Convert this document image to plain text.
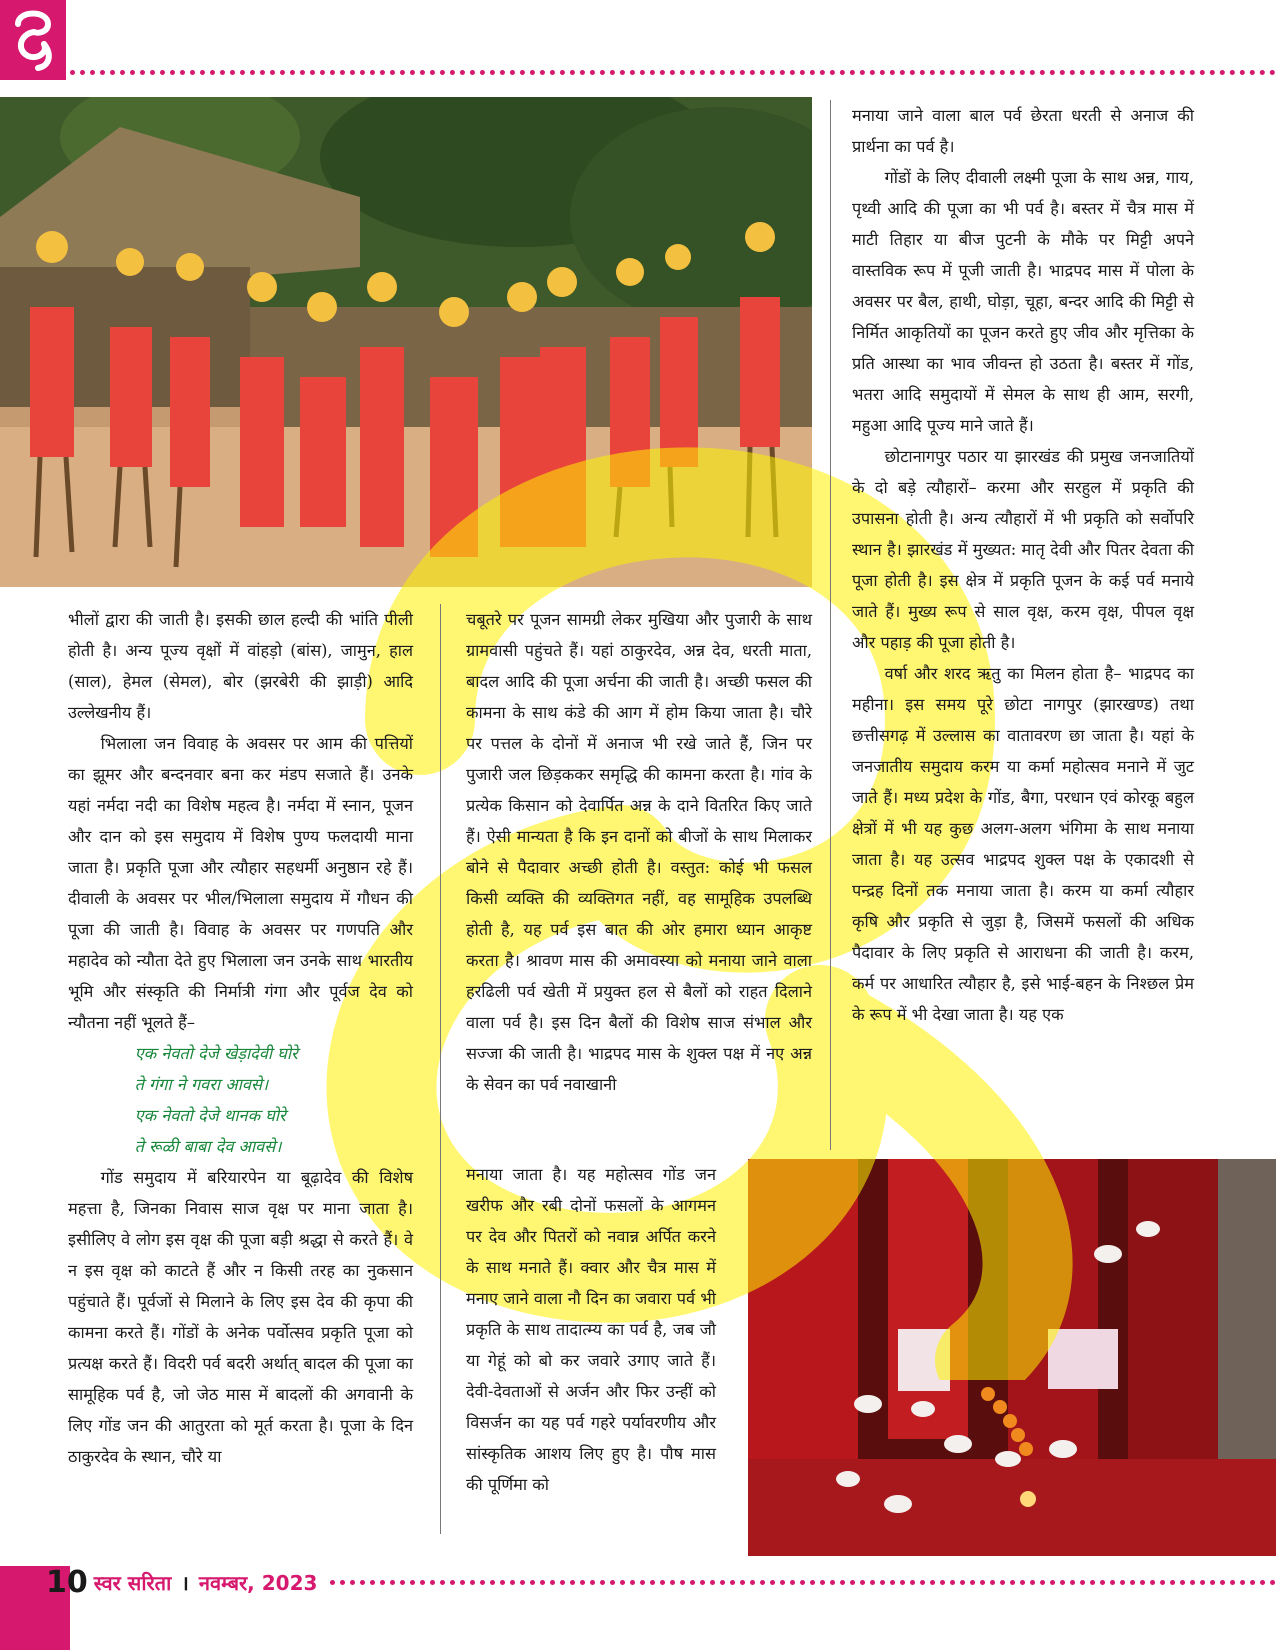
भीलों द्वारा की जाती है। इसकी छाल हल्दी की भांति पीली होती है। अन्य पूज्य वृक्षों में वांहड़ो (बांस), जामुन, हाल (साल), हेमल (सेमल), बोर (झरबेरी की झाड़ी) आदि उल्लेखनीय हैं।

भिलाला जन विवाह के अवसर पर आम की पत्तियों का झूमर और बन्दनवार बना कर मंडप सजाते हैं। उनके यहां नर्मदा नदी का विशेष महत्व है। नर्मदा में स्नान, पूजन और दान को इस समुदाय में विशेष पुण्य फलदायी माना जाता है। प्रकृति पूजा और त्यौहार सहधर्मी अनुष्ठान रहे हैं। दीवाली के अवसर पर भील/भिलाला समुदाय में गौधन की पूजा की जाती है। विवाह के अवसर पर गणपति और महादेव को न्यौता देते हुए भिलाला जन उनके साथ भारतीय भूमि और संस्कृति की निर्मात्री गंगा और पूर्वज देव को न्यौतना नहीं भूलते हैं–

एक नेवतो देजे खेड़ादेवी घोरे

ते गंगा ने गवरा आवसे।

एक नेवतो देजे थानक घोरे

ते रूळी बाबा देव आवसे।

गोंड समुदाय में बरियारपेन या बूढ़ादेव की विशेष महत्ता है, जिनका निवास साज वृक्ष पर माना जाता है। इसीलिए वे लोग इस वृक्ष की पूजा बड़ी श्रद्धा से करते हैं। वे न इस वृक्ष को काटते हैं और न किसी तरह का नुकसान पहुंचाते हैं। पूर्वजों से मिलाने के लिए इस देव की कृपा की कामना करते हैं। गोंडों के अनेक पर्वोत्सव प्रकृति पूजा को प्रत्यक्ष करते हैं। विदरी पर्व बदरी अर्थात् बादल की पूजा का सामूहिक पर्व है, जो जेठ मास में बादलों की अगवानी के लिए गोंड जन की आतुरता को मूर्त करता है। पूजा के दिन ठाकुरदेव के स्थान, चौरे या

चबूतरे पर पूजन सामग्री लेकर मुखिया और पुजारी के साथ ग्रामवासी पहुंचते हैं। यहां ठाकुरदेव, अन्न देव, धरती माता, बादल आदि की पूजा अर्चना की जाती है। अच्छी फसल की कामना के साथ कंडे की आग में होम किया जाता है। चौरे पर पत्तल के दोनों में अनाज भी रखे जाते हैं, जिन पर पुजारी जल छिड़ककर समृद्धि की कामना करता है। गांव के प्रत्येक किसान को देवार्पित अन्न के दाने वितरित किए जाते हैं। ऐसी मान्यता है कि इन दानों को बीजों के साथ मिलाकर बोने से पैदावार अच्छी होती है। वस्तुत: कोई भी फसल किसी व्यक्ति की व्यक्तिगत नहीं, वह सामूहिक उपलब्धि होती है, यह पर्व इस बात की ओर हमारा ध्यान आकृष्ट करता है। श्रावण मास की अमावस्या को मनाया जाने वाला हरढिली पर्व खेती में प्रयुक्त हल से बैलों को राहत दिलाने वाला पर्व है। इस दिन बैलों की विशेष साज संभाल और सज्जा की जाती है। भाद्रपद मास के शुक्ल पक्ष में नए अन्न के सेवन का पर्व नवाखानी

मनाया जाता है। यह महोत्सव गोंड जन खरीफ और रबी दोनों फसलों के आगमन पर देव और पितरों को नवान्न अर्पित करने के साथ मनाते हैं। क्वार और चैत्र मास में मनाए जाने वाला नौ दिन का जवारा पर्व भी प्रकृति के साथ तादात्म्य का पर्व है, जब जौ या गेहूं को बो कर जवारे उगाए जाते हैं। देवी-देवताओं से अर्जन और फिर उन्हीं को विसर्जन का यह पर्व गहरे पर्यावरणीय और सांस्कृतिक आशय लिए हुए है। पौष मास की पूर्णिमा को

मनाया जाने वाला बाल पर्व छेरता धरती से अनाज की प्रार्थना का पर्व है।

गोंडों के लिए दीवाली लक्ष्मी पूजा के साथ अन्न, गाय, पृथ्वी आदि की पूजा का भी पर्व है। बस्तर में चैत्र मास में माटी तिहार या बीज पुटनी के मौके पर मिट्टी अपने वास्तविक रूप में पूजी जाती है। भाद्रपद मास में पोला के अवसर पर बैल, हाथी, घोड़ा, चूहा, बन्दर आदि की मिट्टी से निर्मित आकृतियों का पूजन करते हुए जीव और मृत्तिका के प्रति आस्था का भाव जीवन्त हो उठता है। बस्तर में गोंड, भतरा आदि समुदायों में सेमल के साथ ही आम, सरगी, महुआ आदि पूज्य माने जाते हैं।

छोटानागपुर पठार या झारखंड की प्रमुख जनजातियों के दो बड़े त्यौहारों– करमा और सरहुल में प्रकृति की उपासना होती है। अन्य त्यौहारों में भी प्रकृति को सर्वोपरि स्थान है। झारखंड में मुख्यत: मातृ देवी और पितर देवता की पूजा होती है। इस क्षेत्र में प्रकृति पूजन के कई पर्व मनाये जाते हैं। मुख्य रूप से साल वृक्ष, करम वृक्ष, पीपल वृक्ष और पहाड़ की पूजा होती है।

वर्षा और शरद ऋतु का मिलन होता है– भाद्रपद का महीना। इस समय पूरे छोटा नागपुर (झारखण्ड) तथा छत्तीसगढ़ में उल्लास का वातावरण छा जाता है। यहां के जनजातीय समुदाय करम या कर्मा महोत्सव मनाने में जुट जाते हैं। मध्य प्रदेश के गोंड, बैगा, परधान एवं कोरकू बहुल क्षेत्रों में भी यह कुछ अलग-अलग भंगिमा के साथ मनाया जाता है। यह उत्सव भाद्रपद शुक्ल पक्ष के एकादशी से पन्द्रह दिनों तक मनाया जाता है। करम या कर्मा त्यौहार कृषि और प्रकृति से जुड़ा है, जिसमें फसलों की अधिक पैदावार के लिए प्रकृति से आराधना की जाती है। करम, कर्म पर आधारित त्यौहार है, इसे भाई-बहन के निश्छल प्रेम के रूप में भी देखा जाता है। यह एक

10 स्वर सरिता । नवम्बर, 2023
